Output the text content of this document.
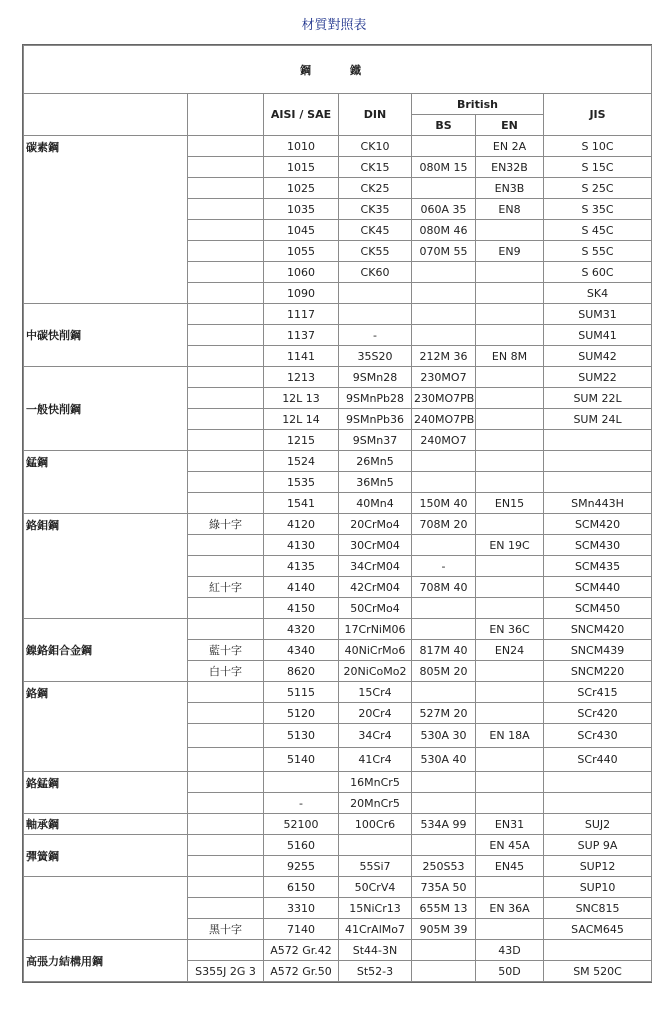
材質對照表
鋼　鐵						
		AISI / SAE	DIN	British		JIS
				BS	EN	
碳素鋼		1010	CK10		EN 2A	S 10C
		1015	CK15	080M 15	EN32B	S 15C
		1025	CK25		EN3B	S 25C
		1035	CK35	060A 35	EN8	S 35C
		1045	CK45	080M 46		S 45C
		1055	CK55	070M 55	EN9	S 55C
		1060	CK60			S 60C
		1090				SK4
中碳快削鋼		1117				SUM31
		1137	-			SUM41
		1141	35S20	212M 36	EN 8M	SUM42
一般快削鋼		1213	9SMn28	230MO7		SUM22
		12L 13	9SMnPb28	230MO7PB		SUM 22L
		12L 14	9SMnPb36	240MO7PB		SUM 24L
		1215	9SMn37	240MO7		
錳鋼		1524	26Mn5			
		1535	36Mn5			
		1541	40Mn4	150M 40	EN15	SMn443H
鉻鉬鋼	綠十字	4120	20CrMo4	708M 20		SCM420
		4130	30CrM04		EN 19C	SCM430
		4135	34CrM04	-		SCM435
	紅十字	4140	42CrM04	708M 40		SCM440
		4150	50CrMo4			SCM450
鎳鉻鉬合金鋼		4320	17CrNiM06		EN 36C	SNCM420
	藍十字	4340	40NiCrMo6	817M 40	EN24	SNCM439
	白十字	8620	20NiCoMo2	805M 20		SNCM220
鉻鋼		5115	15Cr4			SCr415
		5120	20Cr4	527M 20		SCr420
		5130	34Cr4	530A 30	EN 18A	SCr430
		5140	41Cr4	530A 40		SCr440
鉻錳鋼			16MnCr5			
		-	20MnCr5			
軸承鋼		52100	100Cr6	534A 99	EN31	SUJ2
彈簧鋼		5160			EN 45A	SUP 9A
		9255	55Si7	250S53	EN45	SUP12
		6150	50CrV4	735A 50		SUP10
		3310	15NiCr13	655M 13	EN 36A	SNC815
	黑十字	7140	41CrAlMo7	905M 39		SACM645
高張力結構用鋼		A572 Gr.42	St44-3N		43D	
	S355J 2G 3	A572 Gr.50	St52-3		50D	SM 520C
